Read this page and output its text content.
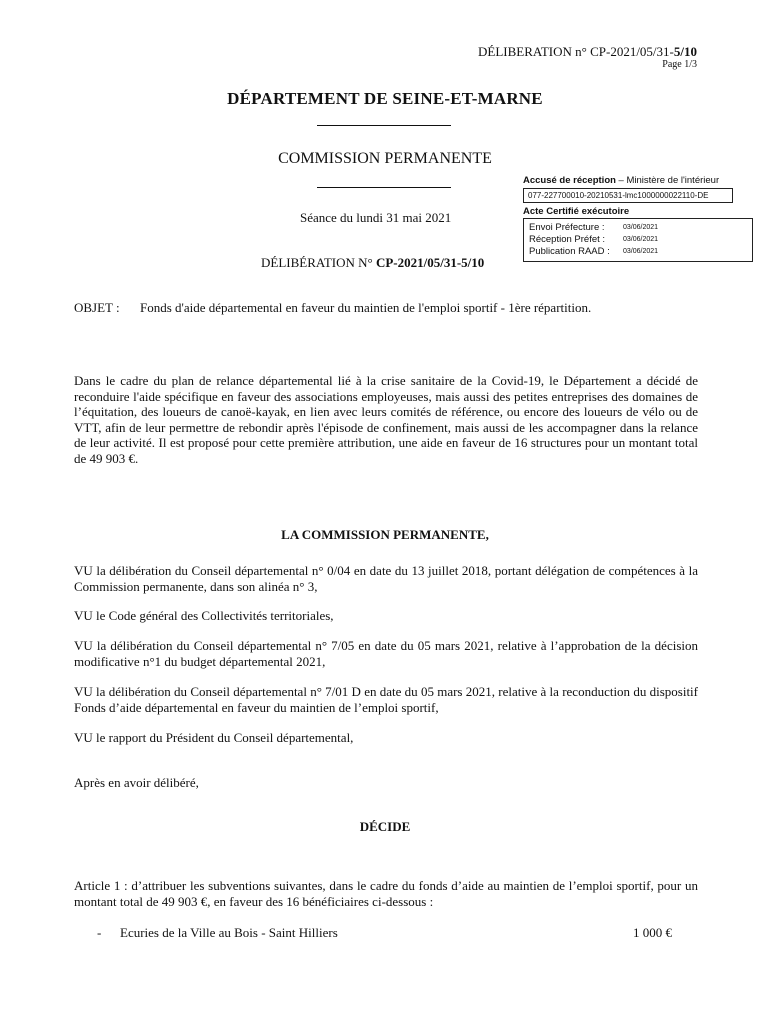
DÉLIBERATION n° CP-2021/05/31-5/10
Page 1/3
DÉPARTEMENT DE SEINE-ET-MARNE
COMMISSION PERMANENTE
Séance du lundi 31 mai 2021
DÉLIBÉRATION N° CP-2021/05/31-5/10
Accusé de réception – Ministère de l'intérieur
077-227700010-20210531-lmc1000000022110-DE
Acte Certifié exécutoire
Envoi Préfecture :	03/06/2021
Réception Préfet :	03/06/2021
Publication RAAD :	03/06/2021
OBJET :	Fonds d'aide départemental en faveur du maintien de l'emploi sportif - 1ère répartition.
Dans le cadre du plan de relance départemental lié à la crise sanitaire de la Covid-19, le Département a décidé de reconduire l'aide spécifique en faveur des associations employeuses, mais aussi des petites entreprises des domaines de l’équitation, des loueurs de canoë-kayak, en lien avec leurs comités de référence, ou encore des loueurs de vélo ou de VTT, afin de leur permettre de rebondir après l'épisode de confinement, mais aussi de les accompagner dans la relance de leur activité. Il est proposé pour cette première attribution, une aide en faveur de 16 structures pour un montant total de 49 903 €.
LA COMMISSION PERMANENTE,
VU la délibération du Conseil départemental n° 0/04 en date du 13 juillet 2018, portant délégation de compétences à la Commission permanente, dans son alinéa n° 3,
VU le Code général des Collectivités territoriales,
VU la délibération du Conseil départemental n° 7/05 en date du 05 mars 2021, relative à l’approbation de la décision modificative n°1 du budget départemental 2021,
VU la délibération du Conseil départemental n° 7/01 D en date du 05 mars 2021, relative à la reconduction du dispositif Fonds d’aide départemental en faveur du maintien de l’emploi sportif,
VU le rapport du Président du Conseil départemental,
Après en avoir délibéré,
DÉCIDE
Article 1 : d’attribuer les subventions suivantes, dans le cadre du fonds d’aide au maintien de l’emploi sportif, pour un montant total de 49 903 €, en faveur des 16 bénéficiaires ci-dessous :
-	Ecuries de la Ville au Bois - Saint Hilliers	1 000 €
